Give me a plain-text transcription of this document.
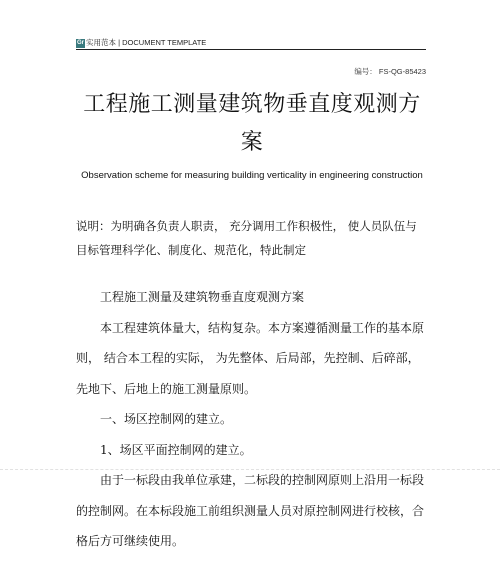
Gr 实用范本 | DOCUMENT TEMPLATE
编号： FS-QG-85423
工程施工测量建筑物垂直度观测方案
Observation scheme for measuring building verticality in engineering construction
说明：为明确各负责人职责， 充分调用工作积极性， 使人员队伍与目标管理科学化、制度化、规范化，特此制定

工程施工测量及建筑物垂直度观测方案

本工程建筑体量大，结构复杂。本方案遵循测量工作的基本原则， 结合本工程的实际， 为先整体、后局部，先控制、后碎部，先地下、后地上的施工测量原则。

一、场区控制网的建立。

1、场区平面控制网的建立。

由于一标段由我单位承建，二标段的控制网原则上沿用一标段的控制网。在本标段施工前组织测量人员对原控制网进行校核，合格后方可继续使用。
